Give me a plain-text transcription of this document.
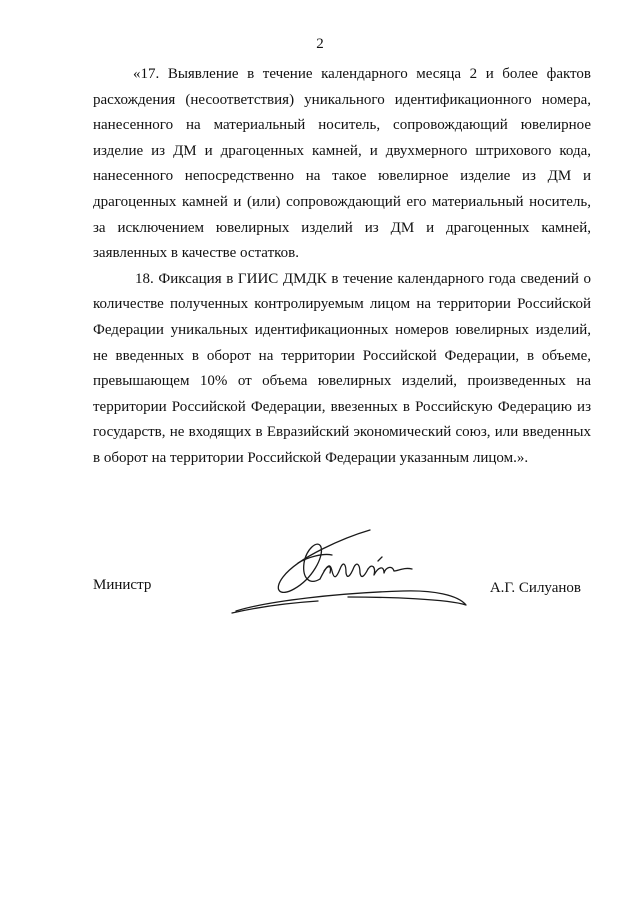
2

«17. Выявление в течение календарного месяца 2 и более фактов расхождения (несоответствия) уникального идентификационного номера, нанесенного на материальный носитель, сопровождающий ювелирное изделие из ДМ и драгоценных камней, и двухмерного штрихового кода, нанесенного непосредственно на такое ювелирное изделие из ДМ и драгоценных камней и (или) сопровождающий его материальный носитель, за исключением ювелирных изделий из ДМ и драгоценных камней, заявленных в качестве остатков.

18. Фиксация в ГИИС ДМДК в течение календарного года сведений о количестве полученных контролируемым лицом на территории Российской Федерации уникальных идентификационных номеров ювелирных изделий, не введенных в оборот на территории Российской Федерации, в объеме, превышающем 10% от объема ювелирных изделий, произведенных на территории Российской Федерации, ввезенных в Российскую Федерацию из государств, не входящих в Евразийский экономический союз, или введенных в оборот на территории Российской Федерации указанным лицом.».

Министр	А.Г. Силуанов
